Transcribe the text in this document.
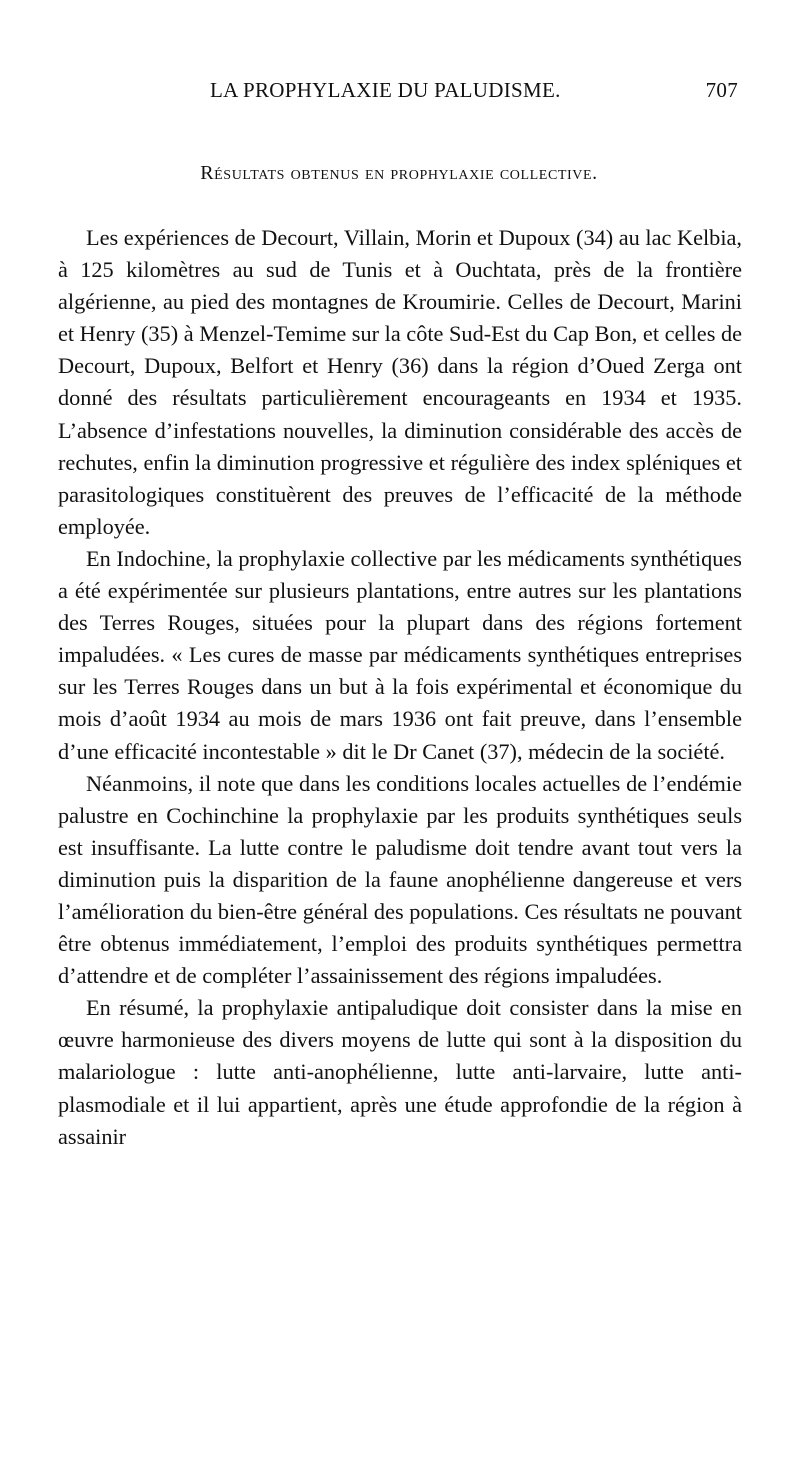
LA PROPHYLAXIE DU PALUDISME.	707
Résultats obtenus en prophylaxie collective.

Les expériences de Decourt, Villain, Morin et Dupoux (34) au lac Kelbia, à 125 kilomètres au sud de Tunis et à Ouchtata, près de la frontière algérienne, au pied des montagnes de Kroumirie. Celles de Decourt, Marini et Henry (35) à Menzel-Temime sur la côte Sud-Est du Cap Bon, et celles de Decourt, Dupoux, Belfort et Henry (36) dans la région d’Oued Zerga ont donné des résultats particulièrement encourageants en 1934 et 1935. L’absence d’infestations nouvelles, la diminution considérable des accès de rechutes, enfin la diminution progressive et régulière des index spléniques et parasitologiques constituèrent des preuves de l’efficacité de la méthode employée.

En Indochine, la prophylaxie collective par les médicaments synthétiques a été expérimentée sur plusieurs plantations, entre autres sur les plantations des Terres Rouges, situées pour la plupart dans des régions fortement impaludées. « Les cures de masse par médicaments synthétiques entreprises sur les Terres Rouges dans un but à la fois expérimental et économique du mois d’août 1934 au mois de mars 1936 ont fait preuve, dans l’ensemble d’une efficacité incontestable » dit le Dr Canet (37), médecin de la société.

Néanmoins, il note que dans les conditions locales actuelles de l’endémie palustre en Cochinchine la prophylaxie par les produits synthétiques seuls est insuffisante. La lutte contre le paludisme doit tendre avant tout vers la diminution puis la disparition de la faune anophélienne dangereuse et vers l’amélioration du bien-être général des populations. Ces résultats ne pouvant être obtenus immédiatement, l’emploi des produits synthétiques permettra d’attendre et de compléter l’assainissement des régions impaludées.

En résumé, la prophylaxie antipaludique doit consister dans la mise en œuvre harmonieuse des divers moyens de lutte qui sont à la disposition du malariologue : lutte anti-anophélienne, lutte anti-larvaire, lutte anti-plasmodiale et il lui appartient, après une étude approfondie de la région à assainir
